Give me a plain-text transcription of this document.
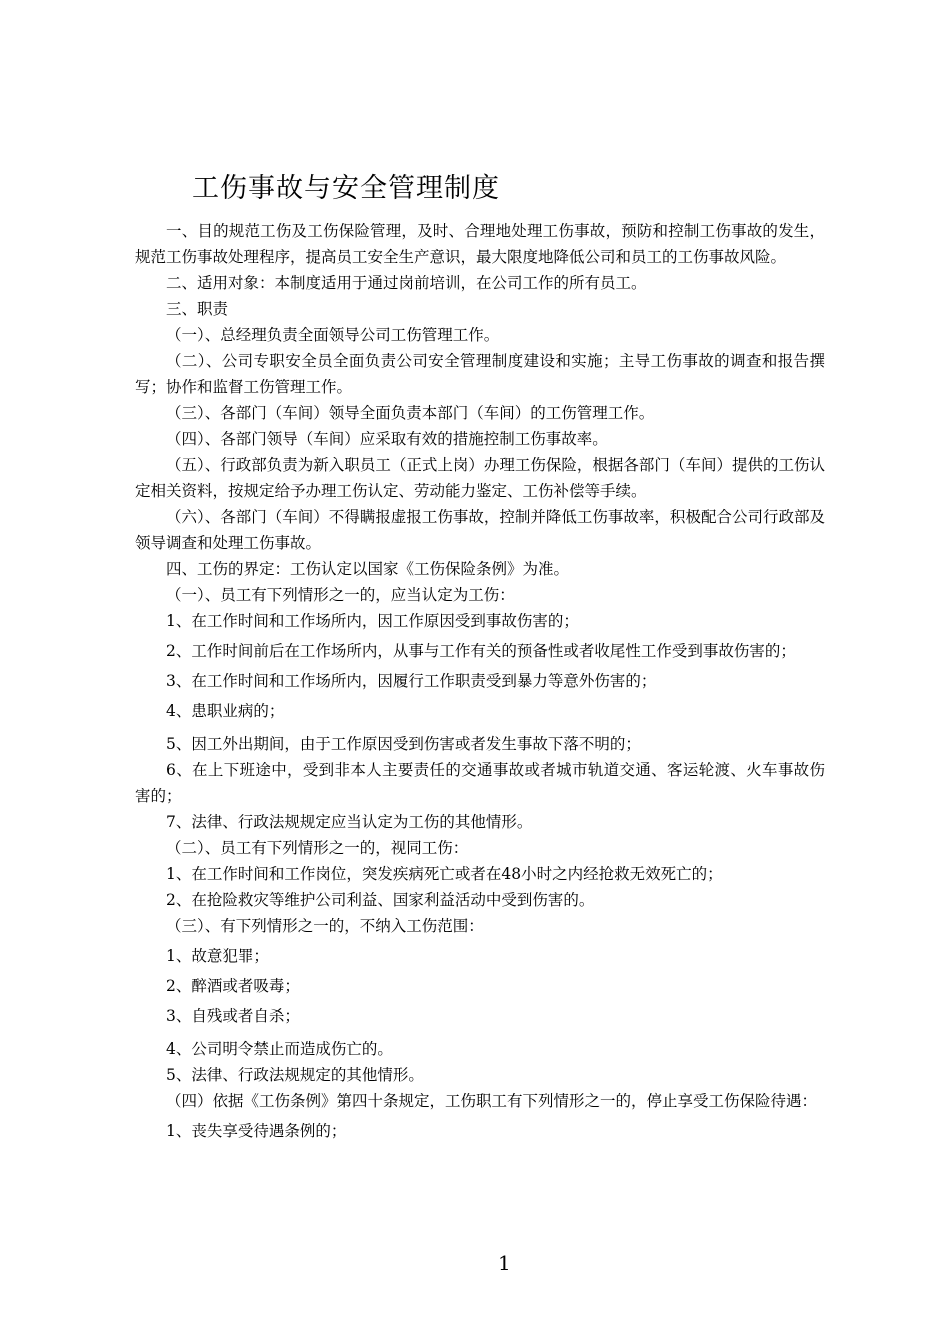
工伤事故与安全管理制度

一、目的规范工伤及工伤保险管理，及时、合理地处理工伤事故，预防和控制工伤事故的发生，规范工伤事故处理程序，提高员工安全生产意识，最大限度地降低公司和员工的工伤事故风险。

二、适用对象：本制度适用于通过岗前培训，在公司工作的所有员工。

三、职责

（一）、总经理负责全面领导公司工伤管理工作。

（二）、公司专职安全员全面负责公司安全管理制度建设和实施；主导工伤事故的调查和报告撰写；协作和监督工伤管理工作。

（三）、各部门（车间）领导全面负责本部门（车间）的工伤管理工作。

（四）、各部门领导（车间）应采取有效的措施控制工伤事故率。

（五）、行政部负责为新入职员工（正式上岗）办理工伤保险，根据各部门（车间）提供的工伤认定相关资料，按规定给予办理工伤认定、劳动能力鉴定、工伤补偿等手续。

（六）、各部门（车间）不得瞒报虚报工伤事故，控制并降低工伤事故率，积极配合公司行政部及领导调查和处理工伤事故。

四、工伤的界定：工伤认定以国家《工伤保险条例》为准。

（一）、员工有下列情形之一的，应当认定为工伤：

1、在工作时间和工作场所内，因工作原因受到事故伤害的；

2、工作时间前后在工作场所内，从事与工作有关的预备性或者收尾性工作受到事故伤害的；

3、在工作时间和工作场所内，因履行工作职责受到暴力等意外伤害的；

4、患职业病的；

5、因工外出期间，由于工作原因受到伤害或者发生事故下落不明的；

6、在上下班途中，受到非本人主要责任的交通事故或者城市轨道交通、客运轮渡、火车事故伤害的；

7、法律、行政法规规定应当认定为工伤的其他情形。

（二）、员工有下列情形之一的，视同工伤：

1、在工作时间和工作岗位，突发疾病死亡或者在48小时之内经抢救无效死亡的；

2、在抢险救灾等维护公司利益、国家利益活动中受到伤害的。

（三）、有下列情形之一的，不纳入工伤范围：

1、故意犯罪；

2、醉酒或者吸毒；

3、自残或者自杀；

4、公司明令禁止而造成伤亡的。

5、法律、行政法规规定的其他情形。

（四）依据《工伤条例》第四十条规定，工伤职工有下列情形之一的，停止享受工伤保险待遇：

1、丧失享受待遇条例的；

1
